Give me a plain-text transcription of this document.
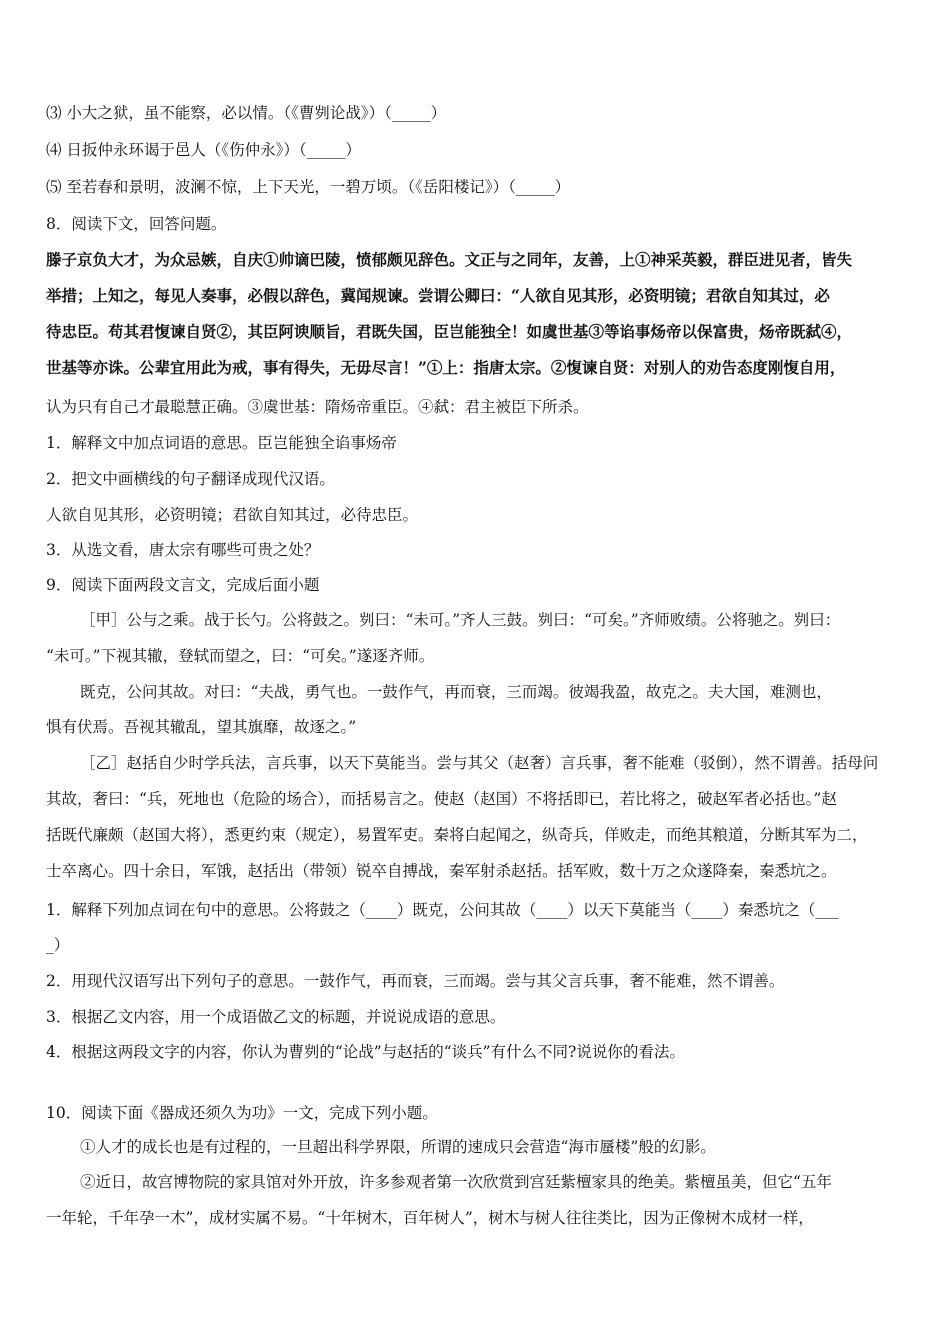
⑶ 小大之狱，虽不能察，必以情。（《曹刿论战》）（_____）
⑷ 日扳仲永环谒于邑人（《伤仲永》）（_____）
⑸ 至若春和景明，波澜不惊，上下天光，一碧万顷。（《岳阳楼记》）（_____）
8．阅读下文，回答问题。
滕子京负大才，为众忌嫉，自庆①帅谪巴陵，愤郁颇见辞色。文正与之同年，友善，上①神采英毅，群臣进见者，皆失
举措；上知之，每见人奏事，必假以辞色，冀闻规谏。尝谓公卿曰：“人欲自见其形，必资明镜；君欲自知其过，必
待忠臣。苟其君愎谏自贤②，其臣阿谀顺旨，君既失国，臣岂能独全！如虞世基③等谄事炀帝以保富贵，炀帝既弑④，
世基等亦诛。公辈宜用此为戒，事有得失，无毋尽言！”①上：指唐太宗。②愎谏自贤：对别人的劝告态度刚愎自用，
认为只有自己才最聪慧正确。③虞世基：隋炀帝重臣。④弑：君主被臣下所杀。
1．解释文中加点词语的意思。臣岂能独全谄事炀帝
2．把文中画横线的句子翻译成现代汉语。
人欲自见其形，必资明镜；君欲自知其过，必待忠臣。
3．从选文看，唐太宗有哪些可贵之处？
9．阅读下面两段文言文，完成后面小题
［甲］公与之乘。战于长勺。公将鼓之。刿曰：“未可。”齐人三鼓。刿曰：“可矣。”齐师败绩。公将驰之。刿曰：
“未可。”下视其辙，登轼而望之，曰：“可矣。”遂逐齐师。
既克，公问其故。对曰：“夫战，勇气也。一鼓作气，再而衰，三而竭。彼竭我盈，故克之。夫大国，难测也，
惧有伏焉。吾视其辙乱，望其旗靡，故逐之。”
［乙］赵括自少时学兵法，言兵事，以天下莫能当。尝与其父（赵奢）言兵事，奢不能难（驳倒），然不谓善。括母问
其故，奢曰：“兵，死地也（危险的场合），而括易言之。使赵（赵国）不将括即已，若比将之，破赵军者必括也。”赵
括既代廉颇（赵国大将），悉更约束（规定），易置军吏。秦将白起闻之，纵奇兵，佯败走，而绝其粮道，分断其军为二，
士卒离心。四十余日，军饿，赵括出（带领）锐卒自搏战，秦军射杀赵括。括军败，数十万之众遂降秦，秦悉坑之。
1．解释下列加点词在句中的意思。公将鼓之（____）既克，公问其故（____）以天下莫能当（____）秦悉坑之（___
_）
2．用现代汉语写出下列句子的意思。一鼓作气，再而衰，三而竭。尝与其父言兵事，奢不能难，然不谓善。
3．根据乙文内容，用一个成语做乙文的标题，并说说成语的意思。
4．根据这两段文字的内容，你认为曹刿的“论战”与赵括的“谈兵”有什么不同?说说你的看法。
10．阅读下面《器成还须久为功》一文，完成下列小题。
①人才的成长也是有过程的，一旦超出科学界限，所谓的速成只会营造“海市蜃楼”般的幻影。
②近日，故宫博物院的家具馆对外开放，许多参观者第一次欣赏到宫廷紫檀家具的绝美。紫檀虽美，但它“五年
一年轮，千年孕一木”，成材实属不易。“十年树木，百年树人”，树木与树人往往类比，因为正像树木成材一样，
